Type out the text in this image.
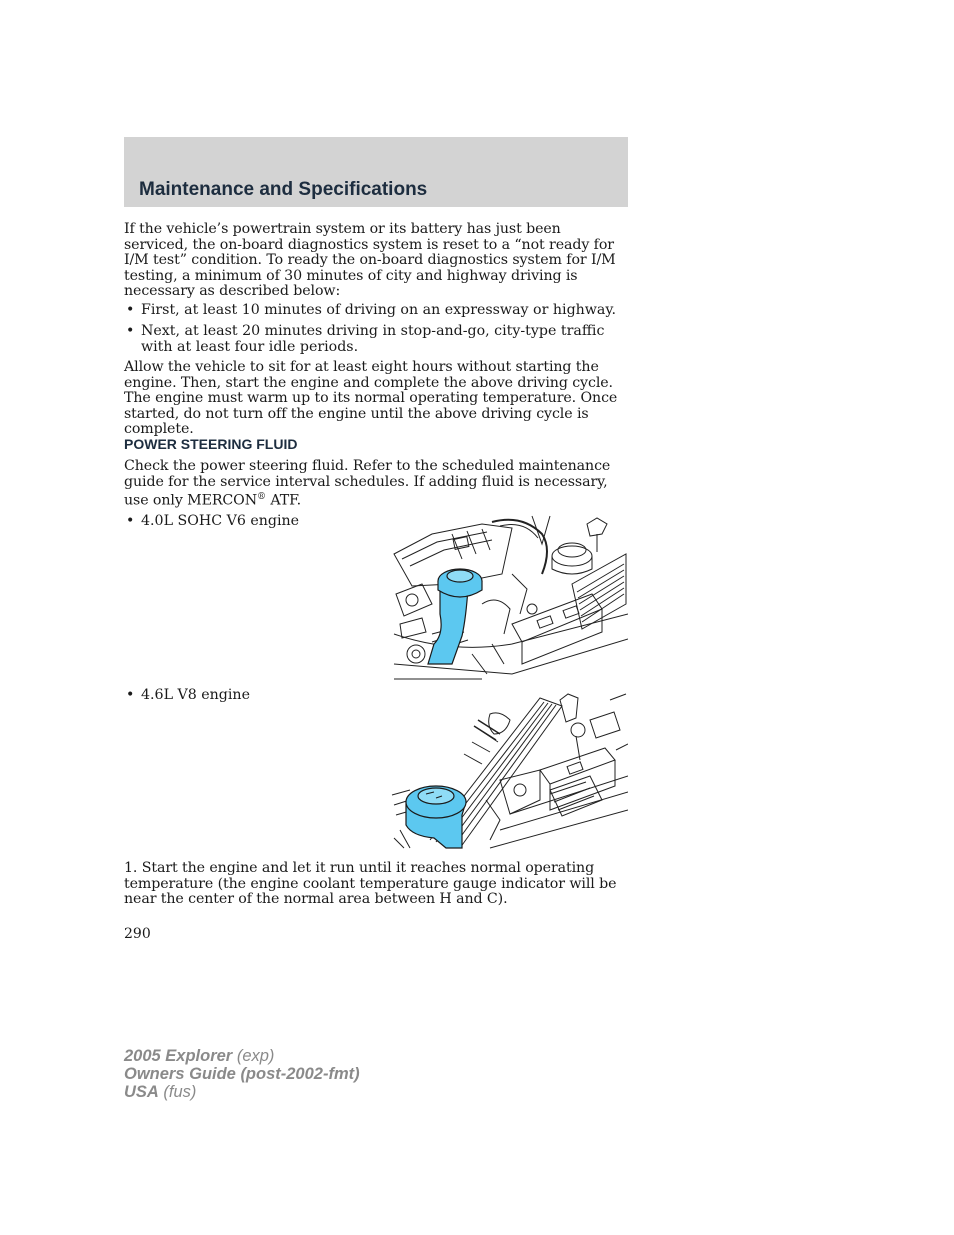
Maintenance and Specifications

If the vehicle’s powertrain system or its battery has just been serviced, the on-board diagnostics system is reset to a “not ready for I/M test” condition. To ready the on-board diagnostics system for I/M testing, a minimum of 30 minutes of city and highway driving is necessary as described below:

• First, at least 10 minutes of driving on an expressway or highway.
• Next, at least 20 minutes driving in stop-and-go, city-type traffic with at least four idle periods.

Allow the vehicle to sit for at least eight hours without starting the engine. Then, start the engine and complete the above driving cycle. The engine must warm up to its normal operating temperature. Once started, do not turn off the engine until the above driving cycle is complete.

POWER STEERING FLUID

Check the power steering fluid. Refer to the scheduled maintenance guide for the service interval schedules. If adding fluid is necessary, use only MERCON® ATF.

• 4.0L SOHC V6 engine
• 4.6L V8 engine

1. Start the engine and let it run until it reaches normal operating temperature (the engine coolant temperature gauge indicator will be near the center of the normal area between H and C).

290
2005 Explorer (exp)
Owners Guide (post-2002-fmt)
USA (fus)
